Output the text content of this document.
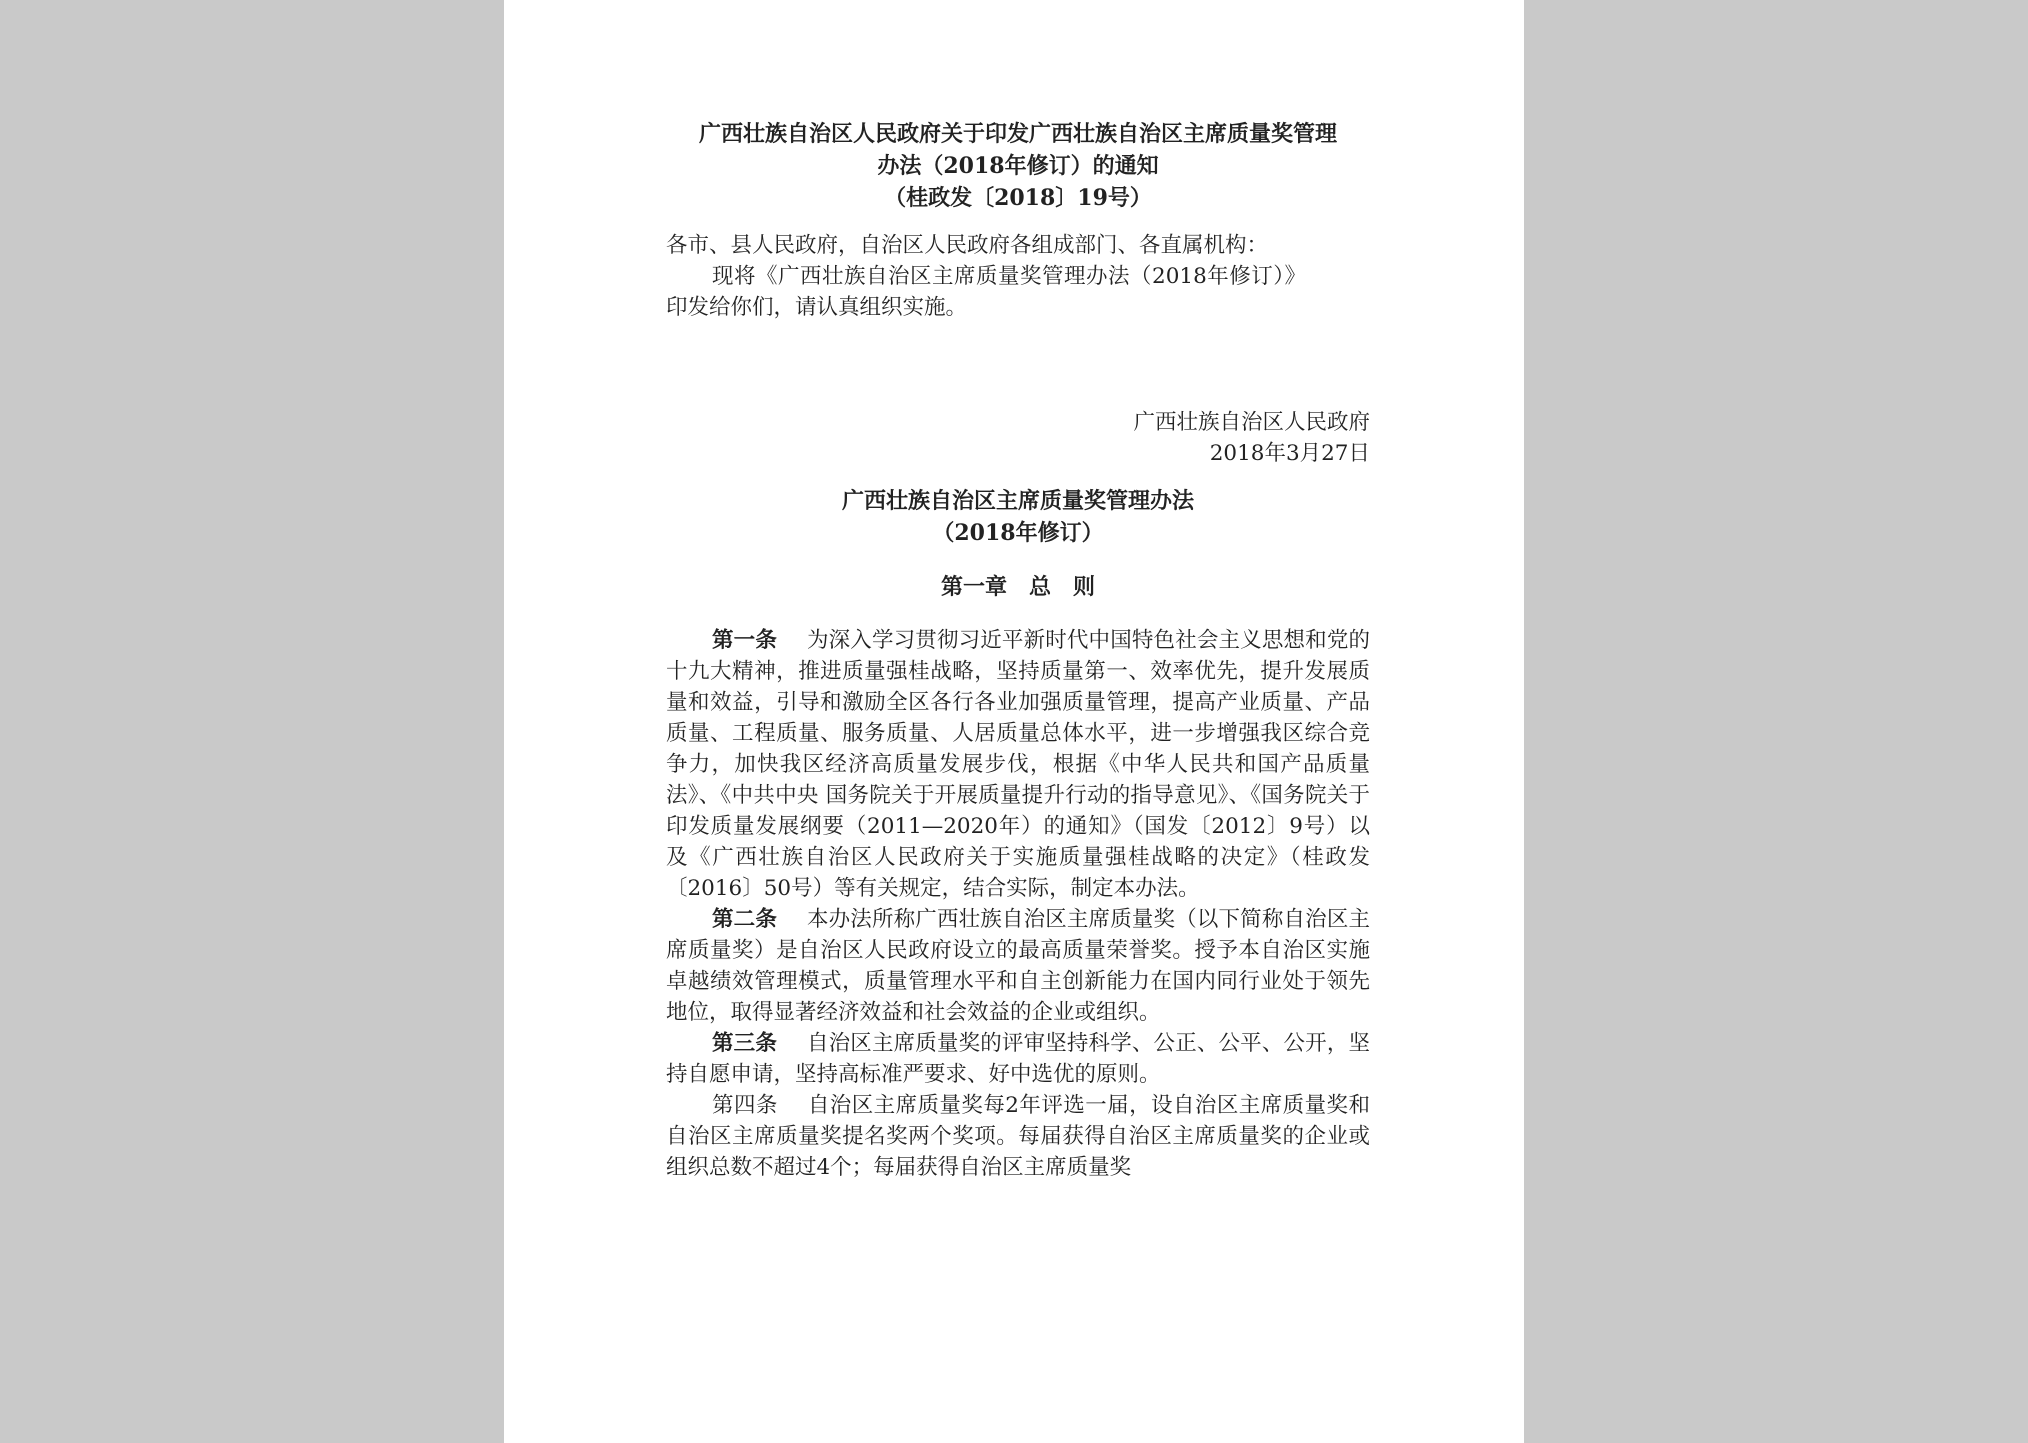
广西壮族自治区人民政府关于印发广西壮族自治区主席质量奖管理
办法（2018年修订）的通知
（桂政发〔2018〕19号）

各市、县人民政府，自治区人民政府各组成部门、各直属机构：

现将《广西壮族自治区主席质量奖管理办法（2018年修订）》印发给你们，请认真组织实施。

广西壮族自治区人民政府

2018年3月27日

广西壮族自治区主席质量奖管理办法
（2018年修订）
第一章　总　则

第一条 为深入学习贯彻习近平新时代中国特色社会主义思想和党的十九大精神，推进质量强桂战略，坚持质量第一、效率优先，提升发展质量和效益，引导和激励全区各行各业加强质量管理，提高产业质量、产品质量、工程质量、服务质量、人居质量总体水平，进一步增强我区综合竞争力，加快我区经济高质量发展步伐，根据《中华人民共和国产品质量法》、《中共中央 国务院关于开展质量提升行动的指导意见》、《国务院关于印发质量发展纲要（2011—2020年）的通知》（国发〔2012〕9号）以及《广西壮族自治区人民政府关于实施质量强桂战略的决定》（桂政发〔2016〕50号）等有关规定，结合实际，制定本办法。

第二条 本办法所称广西壮族自治区主席质量奖（以下简称自治区主席质量奖）是自治区人民政府设立的最高质量荣誉奖。授予本自治区实施卓越绩效管理模式，质量管理水平和自主创新能力在国内同行业处于领先地位，取得显著经济效益和社会效益的企业或组织。

第三条 自治区主席质量奖的评审坚持科学、公正、公平、公开，坚持自愿申请，坚持高标准严要求、好中选优的原则。

第四条 自治区主席质量奖每2年评选一届，设自治区主席质量奖和自治区主席质量奖提名奖两个奖项。每届获得自治区主席质量奖的企业或组织总数不超过4个；每届获得自治区主席质量奖
